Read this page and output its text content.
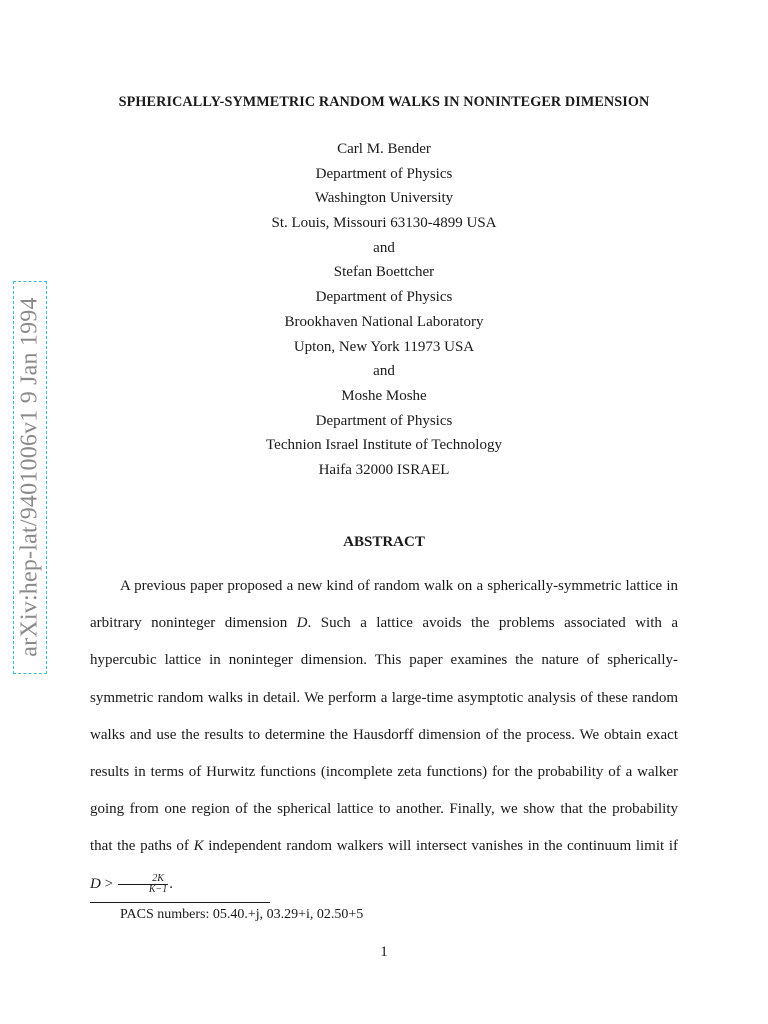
SPHERICALLY-SYMMETRIC RANDOM WALKS IN NONINTEGER DIMENSION
Carl M. Bender
Department of Physics
Washington University
St. Louis, Missouri 63130-4899 USA
and
Stefan Boettcher
Department of Physics
Brookhaven National Laboratory
Upton, New York 11973 USA
and
Moshe Moshe
Department of Physics
Technion Israel Institute of Technology
Haifa 32000 ISRAEL
ABSTRACT
A previous paper proposed a new kind of random walk on a spherically-symmetric lattice in arbitrary noninteger dimension D. Such a lattice avoids the problems associated with a hypercubic lattice in noninteger dimension. This paper examines the nature of spherically-symmetric random walks in detail. We perform a large-time asymptotic analysis of these random walks and use the results to determine the Hausdorff dimension of the process. We obtain exact results in terms of Hurwitz functions (incomplete zeta functions) for the probability of a walker going from one region of the spherical lattice to another. Finally, we show that the probability that the paths of K independent random walkers will intersect vanishes in the continuum limit if $D > \frac{2K}{K-1}$ .
PACS numbers: 05.40.+j, 03.29+i, 02.50+5
1
arXiv:hep-lat/9401006v1 9 Jan 1994
